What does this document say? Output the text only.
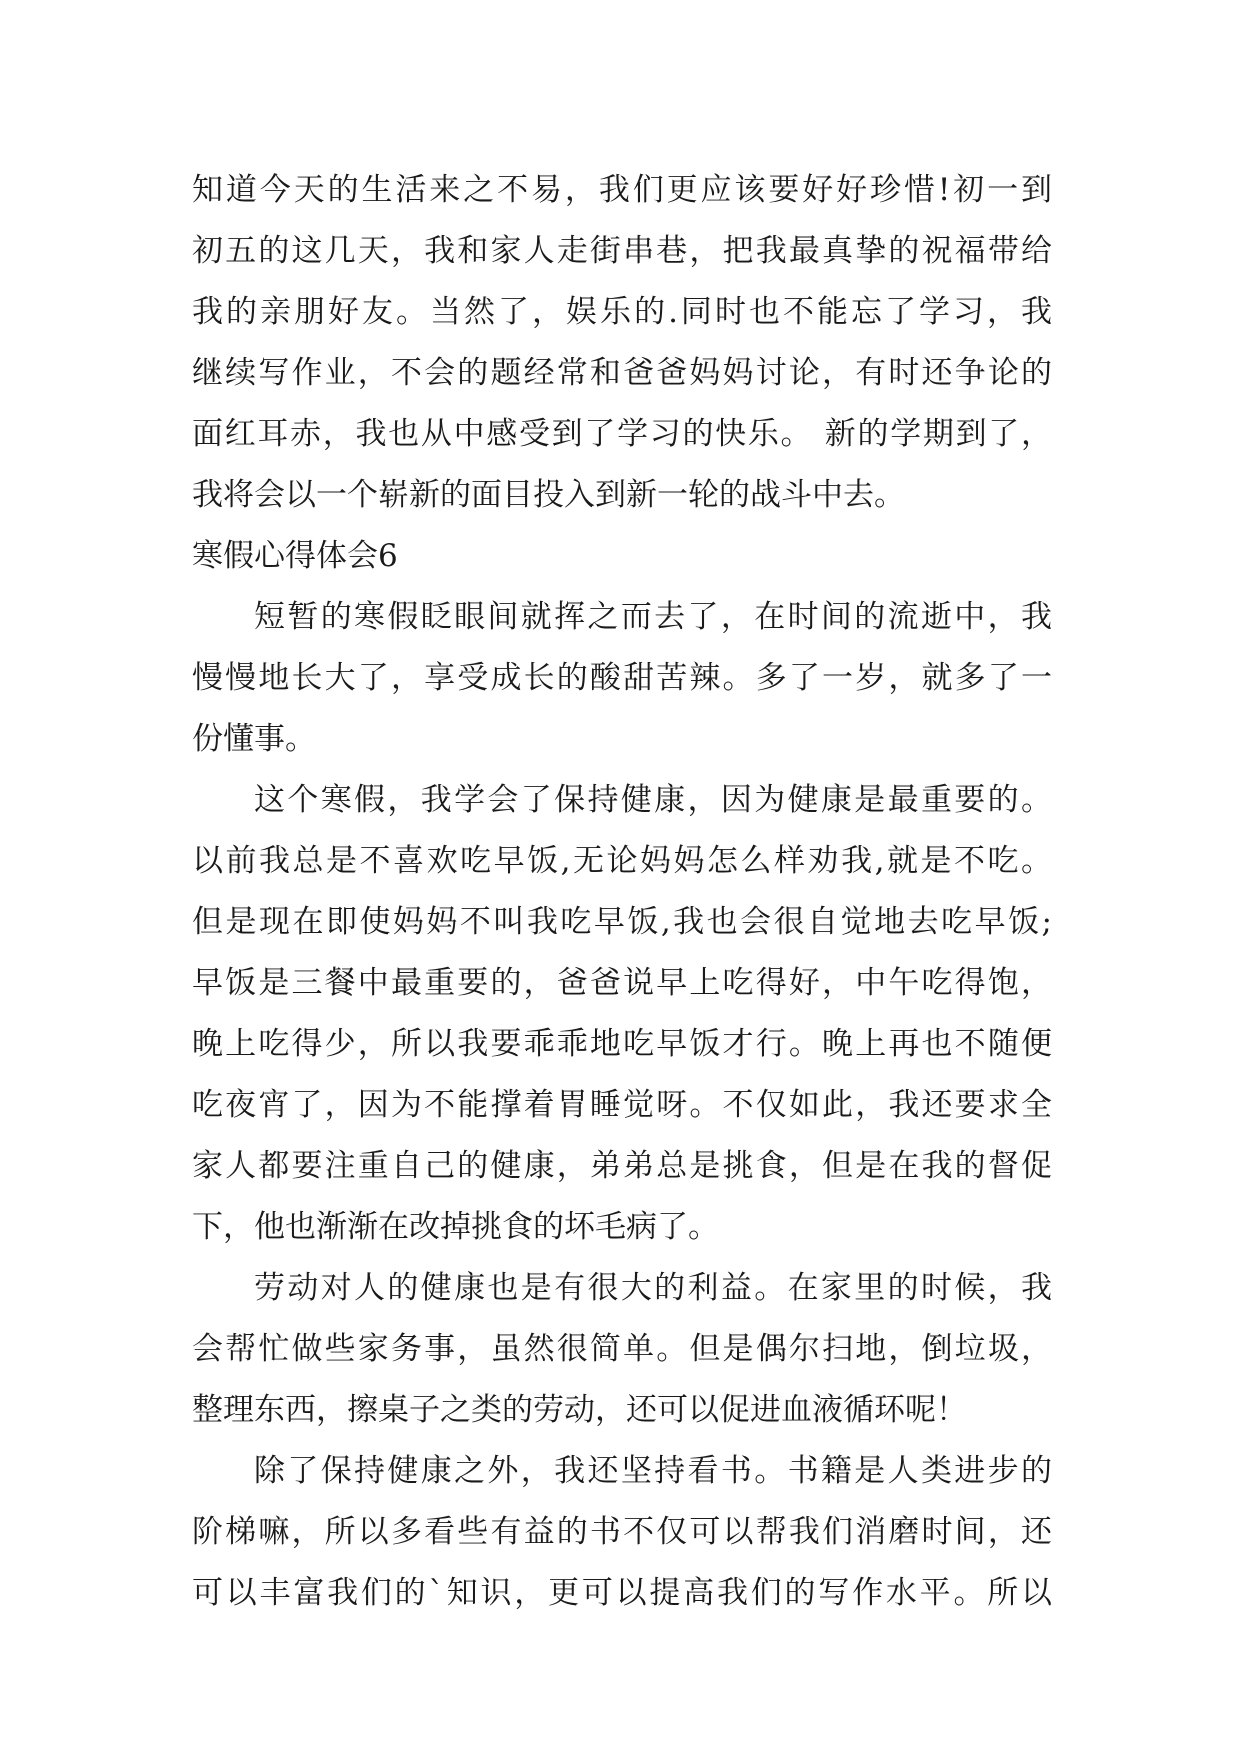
知道今天的生活来之不易，我们更应该要好好珍惜!初一到
初五的这几天，我和家人走街串巷，把我最真挚的祝福带给
我的亲朋好友。当然了，娱乐的.同时也不能忘了学习，我
继续写作业，不会的题经常和爸爸妈妈讨论，有时还争论的
面红耳赤，我也从中感受到了学习的快乐。 新的学期到了，
我将会以一个崭新的面目投入到新一轮的战斗中去。
寒假心得体会6
短暂的寒假眨眼间就挥之而去了，在时间的流逝中，我
慢慢地长大了，享受成长的酸甜苦辣。多了一岁，就多了一
份懂事。
这个寒假，我学会了保持健康，因为健康是最重要的。
以前我总是不喜欢吃早饭,无论妈妈怎么样劝我,就是不吃。
但是现在即使妈妈不叫我吃早饭,我也会很自觉地去吃早饭;
早饭是三餐中最重要的，爸爸说早上吃得好，中午吃得饱，
晚上吃得少，所以我要乖乖地吃早饭才行。晚上再也不随便
吃夜宵了，因为不能撑着胃睡觉呀。不仅如此，我还要求全
家人都要注重自己的健康，弟弟总是挑食，但是在我的督促
下，他也渐渐在改掉挑食的坏毛病了。
劳动对人的健康也是有很大的利益。在家里的时候，我
会帮忙做些家务事，虽然很简单。但是偶尔扫地，倒垃圾，
整理东西，擦桌子之类的劳动，还可以促进血液循环呢！
除了保持健康之外，我还坚持看书。书籍是人类进步的
阶梯嘛，所以多看些有益的书不仅可以帮我们消磨时间，还
可以丰富我们的`知识，更可以提高我们的写作水平。所以
